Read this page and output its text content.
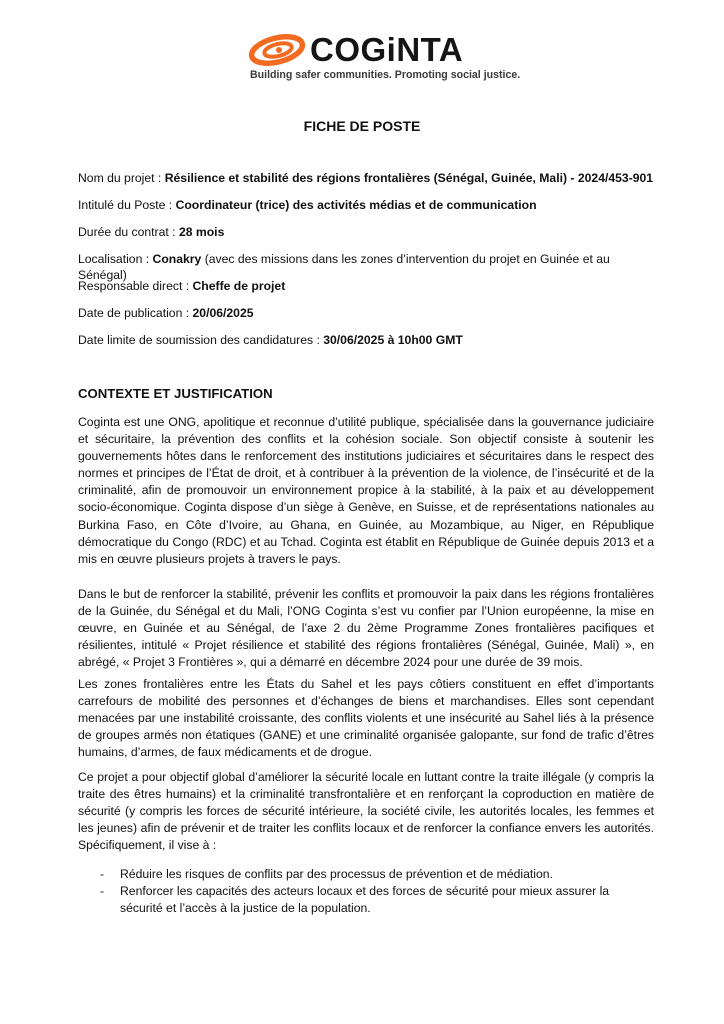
COGiNTA
Building safer communities. Promoting social justice.
FICHE DE POSTE
Nom du projet : Résilience et stabilité des régions frontalières (Sénégal, Guinée, Mali) - 2024/453-901
Intitulé du Poste : Coordinateur (trice) des activités médias et de communication
Durée du contrat : 28 mois
Localisation : Conakry (avec des missions dans les zones d’intervention du projet en Guinée et au Sénégal)
Responsable direct : Cheffe de projet
Date de publication : 20/06/2025
Date limite de soumission des candidatures : 30/06/2025 à 10h00 GMT
CONTEXTE ET JUSTIFICATION

Coginta est une ONG, apolitique et reconnue d’utilité publique, spécialisée dans la gouvernance judiciaire et sécuritaire, la prévention des conflits et la cohésion sociale. Son objectif consiste à soutenir les gouvernements hôtes dans le renforcement des institutions judiciaires et sécuritaires dans le respect des normes et principes de l’État de droit, et à contribuer à la prévention de la violence, de l’insécurité et de la criminalité, afin de promouvoir un environnement propice à la stabilité, à la paix et au développement socio-économique. Coginta dispose d’un siège à Genève, en Suisse, et de représentations nationales au Burkina Faso, en Côte d’Ivoire, au Ghana, en Guinée, au Mozambique, au Niger, en République démocratique du Congo (RDC) et au Tchad. Coginta est établit en République de Guinée depuis 2013 et a mis en œuvre plusieurs projets à travers le pays.

Dans le but de renforcer la stabilité, prévenir les conflits et promouvoir la paix dans les régions frontalières de la Guinée, du Sénégal et du Mali, l’ONG Coginta s’est vu confier par l’Union européenne, la mise en œuvre, en Guinée et au Sénégal, de l’axe 2 du 2ème Programme Zones frontalières pacifiques et résilientes, intitulé « Projet résilience et stabilité des régions frontalières (Sénégal, Guinée, Mali) », en abrégé, « Projet 3 Frontières », qui a démarré en décembre 2024 pour une durée de 39 mois.

Les zones frontalières entre les États du Sahel et les pays côtiers constituent en effet d’importants carrefours de mobilité des personnes et d’échanges de biens et marchandises. Elles sont cependant menacées par une instabilité croissante, des conflits violents et une insécurité au Sahel liés à la présence de groupes armés non étatiques (GANE) et une criminalité organisée galopante, sur fond de trafic d’êtres humains, d’armes, de faux médicaments et de drogue.

Ce projet a pour objectif global d’améliorer la sécurité locale en luttant contre la traite illégale (y compris la traite des êtres humains) et la criminalité transfrontalière et en renforçant la coproduction en matière de sécurité (y compris les forces de sécurité intérieure, la société civile, les autorités locales, les femmes et les jeunes) afin de prévenir et de traiter les conflits locaux et de renforcer la confiance envers les autorités. Spécifiquement, il vise à :

- Réduire les risques de conflits par des processus de prévention et de médiation.
- Renforcer les capacités des acteurs locaux et des forces de sécurité pour mieux assurer la sécurité et l’accès à la justice de la population.
